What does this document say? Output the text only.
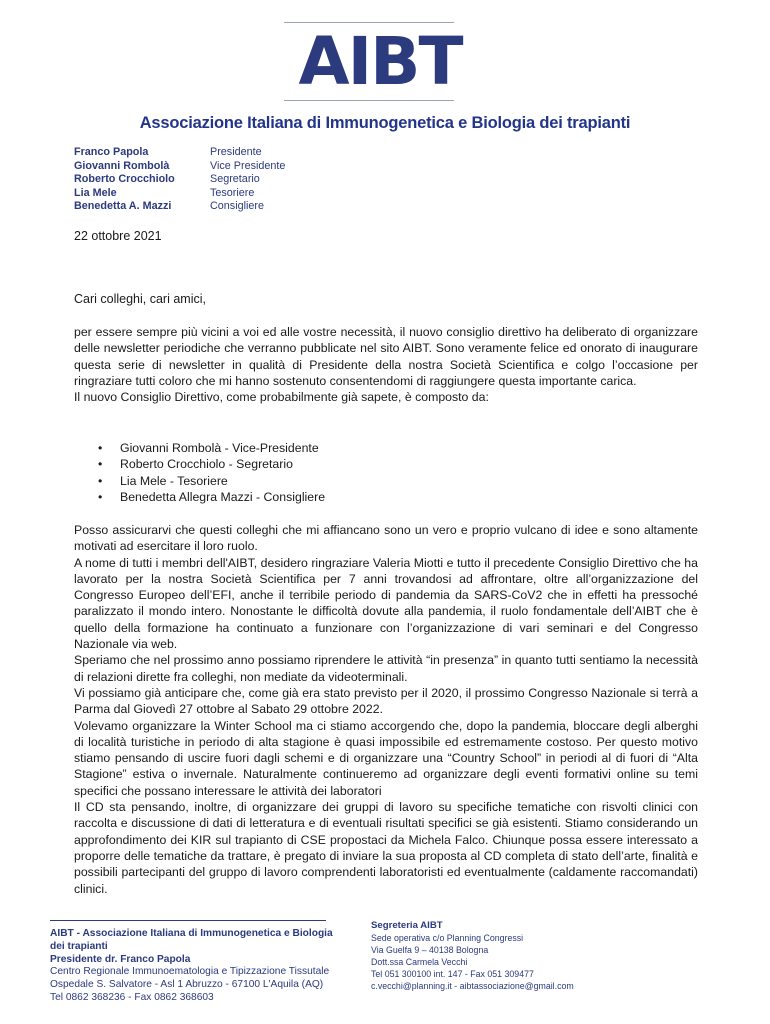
AIBT
Associazione Italiana di Immunogenetica e Biologia dei trapianti
Franco Papola	Presidente
Giovanni Rombolà	Vice Presidente
Roberto Crocchiolo	Segretario
Lia Mele	Tesoriere
Benedetta A. Mazzi	Consigliere
22 ottobre 2021
Cari colleghi, cari amici,

per essere sempre più vicini a voi ed alle vostre necessità, il nuovo consiglio direttivo ha deliberato di organizzare delle newsletter periodiche che verranno pubblicate nel sito AIBT. Sono veramente felice ed onorato di inaugurare questa serie di newsletter in qualità di Presidente della nostra Società Scientifica e colgo l’occasione per ringraziare tutti coloro che mi hanno sostenuto consentendomi di raggiungere questa importante carica.

Il nuovo Consiglio Direttivo, come probabilmente già sapete, è composto da:

• Giovanni Rombolà - Vice-Presidente
• Roberto Crocchiolo - Segretario
• Lia Mele - Tesoriere
• Benedetta Allegra Mazzi - Consigliere

Posso assicurarvi che questi colleghi che mi affiancano sono un vero e proprio vulcano di idee e sono altamente motivati ad esercitare il loro ruolo.

A nome di tutti i membri dell'AIBT, desidero ringraziare Valeria Miotti e tutto il precedente Consiglio Direttivo che ha lavorato per la nostra Società Scientifica per 7 anni trovandosi ad affrontare, oltre all’organizzazione del Congresso Europeo dell’EFI, anche il terribile periodo di pandemia da SARS-CoV2 che in effetti ha pressoché paralizzato il mondo intero. Nonostante le difficoltà dovute alla pandemia, il ruolo fondamentale dell’AIBT che è quello della formazione ha continuato a funzionare con l’organizzazione di vari seminari e del Congresso Nazionale via web.

Speriamo che nel prossimo anno possiamo riprendere le attività “in presenza” in quanto tutti sentiamo la necessità di relazioni dirette fra colleghi, non mediate da videoterminali.

Vi possiamo già anticipare che, come già era stato previsto per il 2020, il prossimo Congresso Nazionale si terrà a Parma dal Giovedì 27 ottobre al Sabato 29 ottobre 2022.

Volevamo organizzare la Winter School ma ci stiamo accorgendo che, dopo la pandemia, bloccare degli alberghi di località turistiche in periodo di alta stagione è quasi impossibile ed estremamente costoso. Per questo motivo stiamo pensando di uscire fuori dagli schemi e di organizzare una “Country School” in periodi al di fuori di “Alta Stagione” estiva o invernale. Naturalmente continueremo ad organizzare degli eventi formativi online su temi specifici che possano interessare le attività dei laboratori

Il CD sta pensando, inoltre, di organizzare dei gruppi di lavoro su specifiche tematiche con risvolti clinici con raccolta e discussione di dati di letteratura e di eventuali risultati specifici se già esistenti. Stiamo considerando un approfondimento dei KIR sul trapianto di CSE propostaci da Michela Falco. Chiunque possa essere interessato a proporre delle tematiche da trattare, è pregato di inviare la sua proposta al CD completa di stato dell’arte, finalità e possibili partecipanti del gruppo di lavoro comprendenti laboratoristi ed eventualmente (caldamente raccomandati) clinici.

AIBT - Associazione Italiana di Immunogenetica e Biologia dei trapianti
Presidente dr. Franco Papola
Centro Regionale Immunoematologia e Tipizzazione Tissutale
Ospedale S. Salvatore - Asl 1 Abruzzo - 67100 L'Aquila (AQ)
Tel 0862 368236 - Fax 0862 368603
Segreteria AIBT
Sede operativa c/o Planning Congressi
Via Guelfa 9 – 40138 Bologna
Dott.ssa Carmela Vecchi
Tel 051 300100 int. 147 - Fax 051 309477
c.vecchi@planning.it - aibtassociazione@gmail.com
